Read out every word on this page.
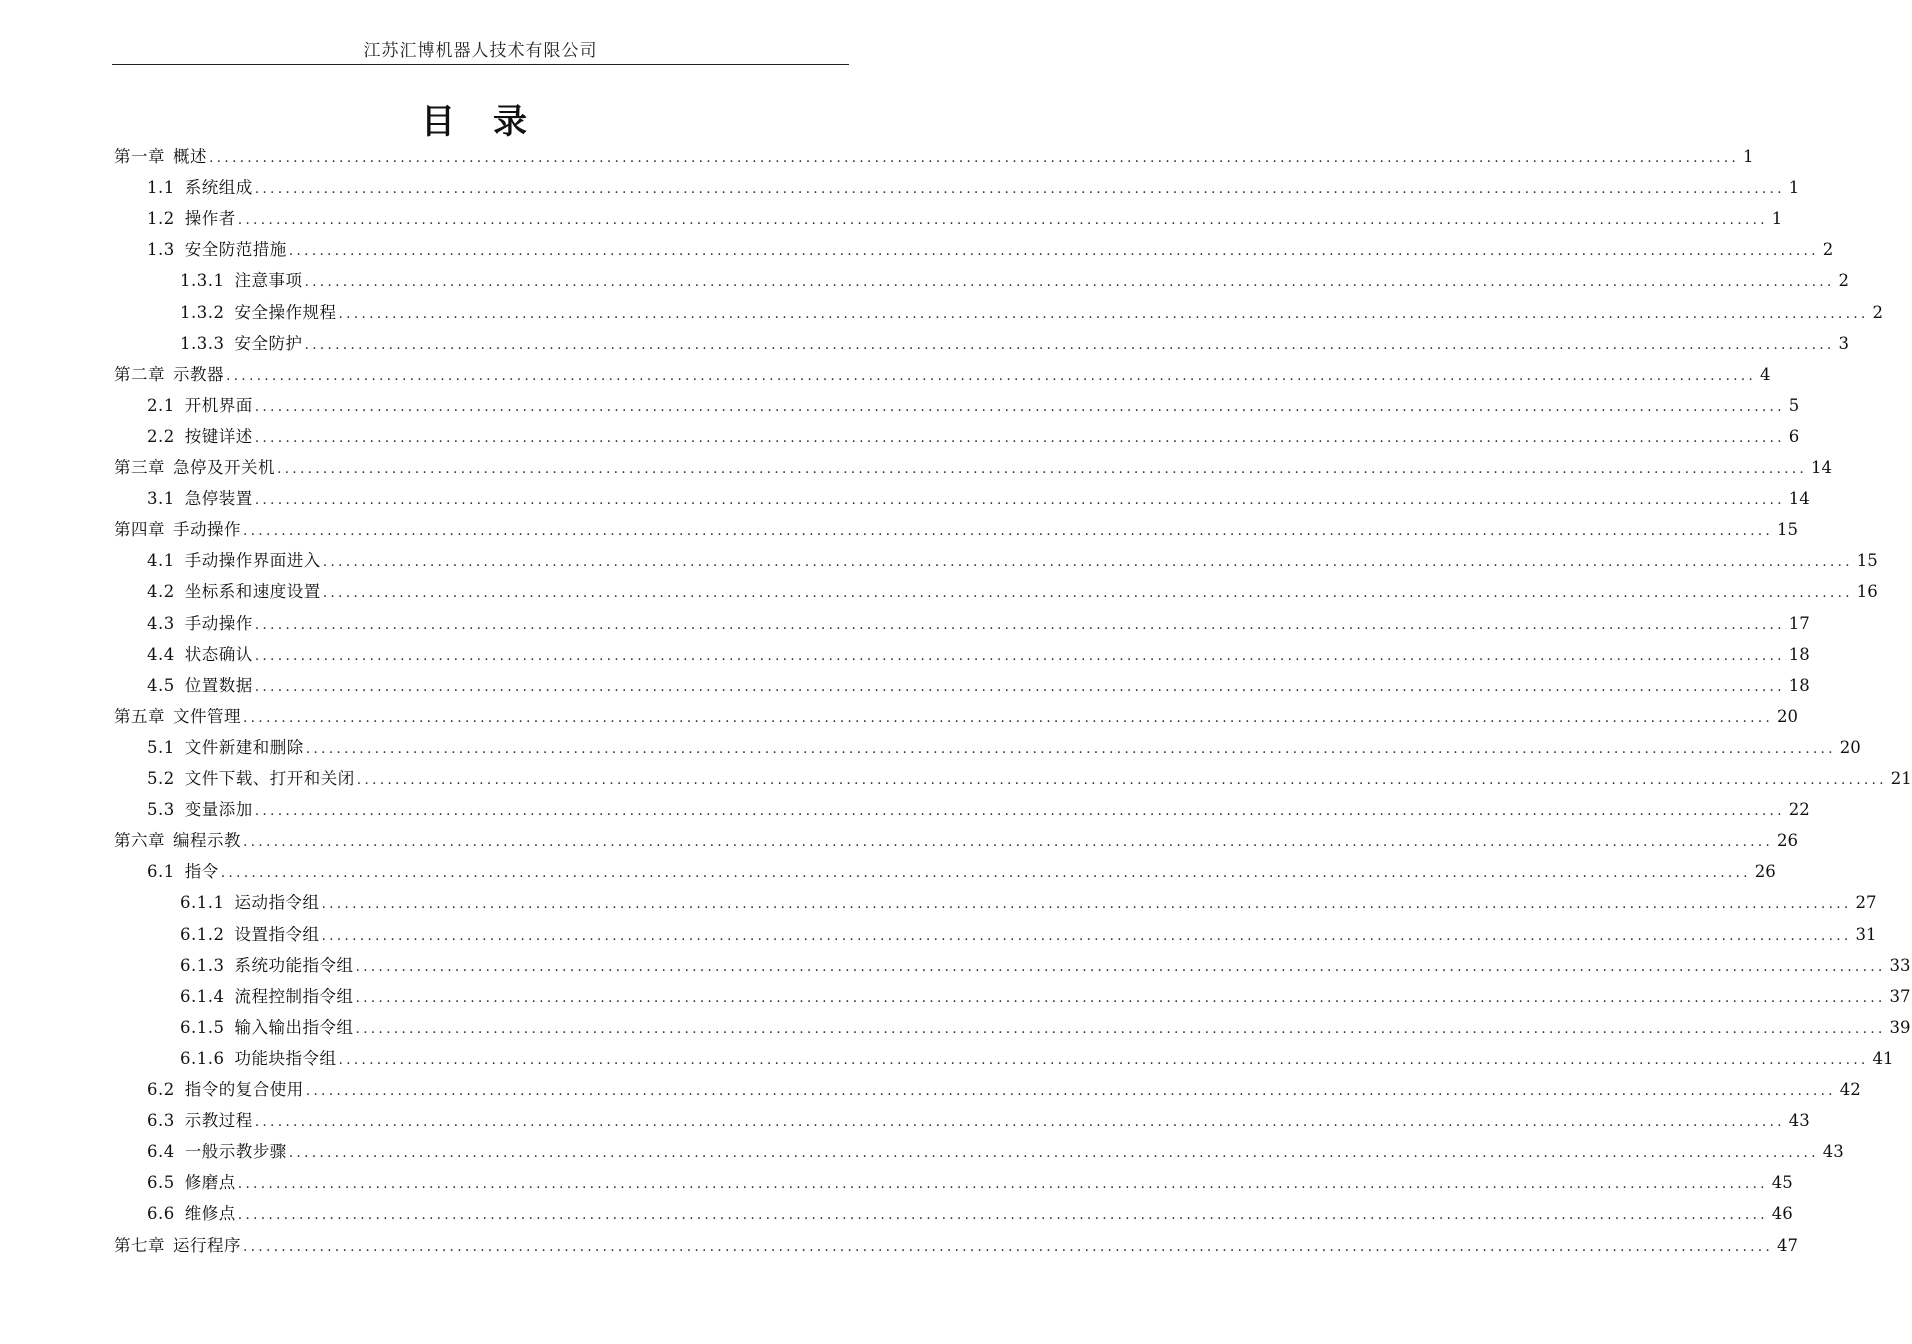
江苏汇博机器人技术有限公司
目　录
第一章 概述 ........................................................................................................................................................................................................ 1
1.1 系统组成 ........................................................................................................................................................................................................ 1
1.2 操作者 ........................................................................................................................................................................................................ 1
1.3 安全防范措施 ........................................................................................................................................................................................................ 2
1.3.1 注意事项 ........................................................................................................................................................................................................ 2
1.3.2 安全操作规程 ........................................................................................................................................................................................................ 2
1.3.3 安全防护 ........................................................................................................................................................................................................ 3
第二章 示教器 ........................................................................................................................................................................................................ 4
2.1 开机界面 ........................................................................................................................................................................................................ 5
2.2 按键详述 ........................................................................................................................................................................................................ 6
第三章 急停及开关机 ........................................................................................................................................................................................................ 14
3.1 急停装置 ........................................................................................................................................................................................................ 14
第四章 手动操作 ........................................................................................................................................................................................................ 15
4.1 手动操作界面进入 ........................................................................................................................................................................................................ 15
4.2 坐标系和速度设置 ........................................................................................................................................................................................................ 16
4.3 手动操作 ........................................................................................................................................................................................................ 17
4.4 状态确认 ........................................................................................................................................................................................................ 18
4.5 位置数据 ........................................................................................................................................................................................................ 18
第五章 文件管理 ........................................................................................................................................................................................................ 20
5.1 文件新建和删除 ........................................................................................................................................................................................................ 20
5.2 文件下载、打开和关闭 ........................................................................................................................................................................................................ 21
5.3 变量添加 ........................................................................................................................................................................................................ 22
第六章 编程示教 ........................................................................................................................................................................................................ 26
6.1 指令 ........................................................................................................................................................................................................ 26
6.1.1 运动指令组 ........................................................................................................................................................................................................ 27
6.1.2 设置指令组 ........................................................................................................................................................................................................ 31
6.1.3 系统功能指令组 ........................................................................................................................................................................................................ 33
6.1.4 流程控制指令组 ........................................................................................................................................................................................................ 37
6.1.5 输入输出指令组 ........................................................................................................................................................................................................ 39
6.1.6 功能块指令组 ........................................................................................................................................................................................................ 41
6.2 指令的复合使用 ........................................................................................................................................................................................................ 42
6.3 示教过程 ........................................................................................................................................................................................................ 43
6.4 一般示教步骤 ........................................................................................................................................................................................................ 43
6.5 修磨点 ........................................................................................................................................................................................................ 45
6.6 维修点 ........................................................................................................................................................................................................ 46
第七章 运行程序 ........................................................................................................................................................................................................ 47
